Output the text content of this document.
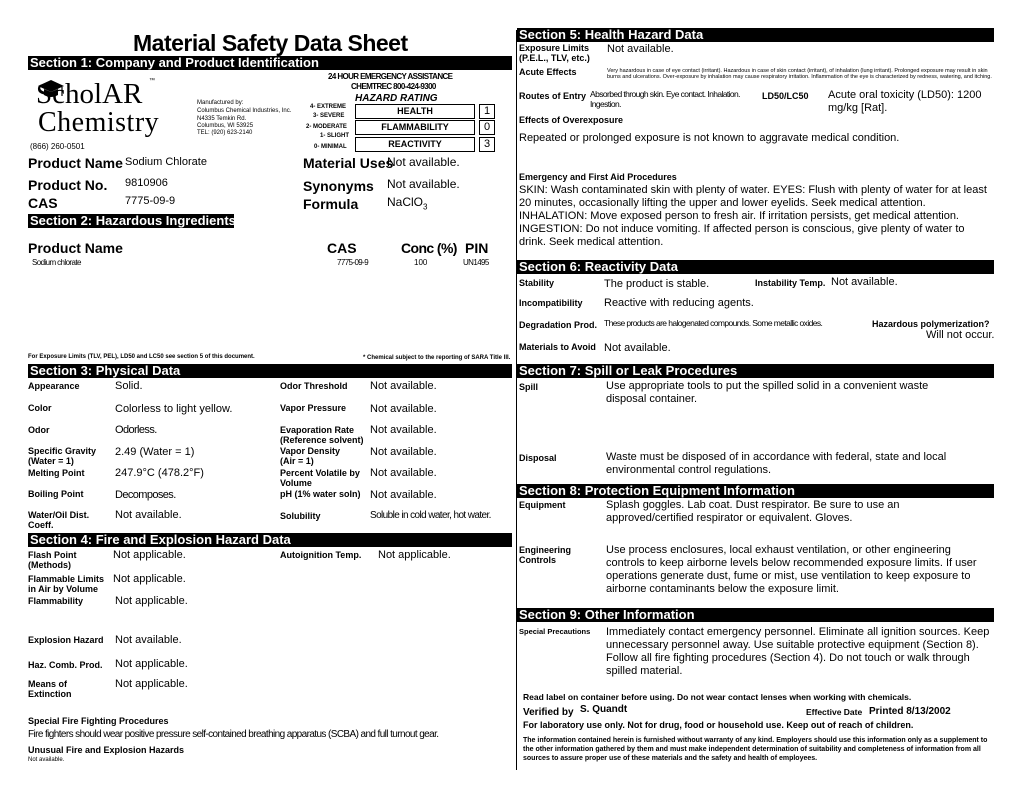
Material Safety Data Sheet
Section 1: Company and Product Identification
ScholAR ™
Chemistry
(866) 260-0501
Manufactured by:
Columbus Chemical Industries, Inc.
N4335 Temkin Rd.
Columbus, WI 53925
TEL: (920) 623-2140
24 HOUR EMERGENCY ASSISTANCE
CHEMTREC 800-424-9300
HAZARD RATING
4- EXTREME
3- SEVERE
2- MODERATE
1- SLIGHT
0- MINIMAL
HEALTH	1
FLAMMABILITY	0
REACTIVITY	3
Product Name Sodium Chlorate	Material Uses
Not available.
Product No. 9810906	Synonyms Not available.
CAS	7775-09-9	Formula NaClO$_3$
Section 2: Hazardous Ingredients
Product Name	CAS	Conc (%) PIN
Sodium chlorate	7775-09-9	100	UN1495
For Exposure Limits (TLV, PEL), LD50 and LC50 see section 5 of this document.	* Chemical subject to the reporting of SARA Title III.
Section 3: Physical Data
Appearance	Solid.
Color	Colorless to light yellow.
Odor	Odorless.
Specific Gravity (Water = 1)
2.49 (Water = 1)
Melting Point	247.9°C (478.2°F)
Boiling Point	Decomposes.
Water/Oil Dist. Coeff.
Not available.
Odor Threshold Not available.
Vapor Pressure Not available.
Evaporation Rate (Reference solvent)
Not available.
Vapor Density (Air = 1)
Not available.
Percent Volatile by Volume
Not available.
pH (1% water soln) Not available.
Solubility	Soluble in cold water, hot water.
Section 4: Fire and Explosion Hazard Data
Flash Point (Methods)
Not applicable.	Autoignition Temp. Not applicable.
Flammable Limits in Air by Volume
Not applicable.
Flammability	Not applicable.
Explosion Hazard Not available.
Haz. Comb. Prod. Not applicable.
Means of Extinction
Not applicable.
Special Fire Fighting Procedures
Fire fighters should wear positive pressure self-contained breathing apparatus (SCBA) and full turnout gear.
Unusual Fire and Explosion Hazards
Not available.
Section 5: Health Hazard Data
Exposure Limits (P.E.L., TLV, etc.)
Not available.
Acute Effects	Very hazardous in case of eye contact (irritant). Hazardous in case of skin contact (irritant), of inhalation (lung irritant). Prolonged exposure may result in skin burns and ulcerations. Over-exposure by inhalation may cause respiratory irritation. Inflammation of the eye is characterized by redness, watering, and itching.
Routes of Entry Absorbed through skin. Eye contact. Inhalation. Ingestion.
LD50/LC50 Acute oral toxicity (LD50): 1200 mg/kg [Rat].
Effects of Overexposure
Repeated or prolonged exposure is not known to aggravate medical condition.
Emergency and First Aid Procedures
SKIN: Wash contaminated skin with plenty of water. EYES: Flush with plenty of water for at least 20 minutes, occasionally lifting the upper and lower eyelids. Seek medical attention. INHALATION: Move exposed person to fresh air. If irritation persists, get medical attention. INGESTION: Do not induce vomiting. If affected person is conscious, give plenty of water to drink. Seek medical attention.
Section 6: Reactivity Data
Stability	The product is stable.	Instability Temp. Not available.
Incompatibility Reactive with reducing agents.
Degradation Prod. These products are halogenated compounds. Some metallic oxides.	Hazardous polymerization?
Will not occur.
Materials to Avoid Not available.
Section 7: Spill or Leak Procedures
Spill	Use appropriate tools to put the spilled solid in a convenient waste disposal container.
Disposal	Waste must be disposed of in accordance with federal, state and local environmental control regulations.
Section 8: Protection Equipment Information
Equipment	Splash goggles. Lab coat. Dust respirator. Be sure to use an approved/certified respirator or equivalent. Gloves.
Engineering Controls
Use process enclosures, local exhaust ventilation, or other engineering controls to keep airborne levels below recommended exposure limits. If user operations generate dust, fume or mist, use ventilation to keep exposure to airborne contaminants below the exposure limit.
Section 9: Other Information
Special Precautions Immediately contact emergency personnel. Eliminate all ignition sources. Keep unnecessary personnel away. Use suitable protective equipment (Section 8). Follow all fire fighting procedures (Section 4). Do not touch or walk through spilled material.
Read label on container before using. Do not wear contact lenses when working with chemicals.
Verified by S. Quandt	Effective Date Printed 8/13/2002
For laboratory use only. Not for drug, food or household use. Keep out of reach of children.
The information contained herein is furnished without warranty of any kind. Employers should use this information only as a supplement to the other information gathered by them and must make independent determination of suitability and completeness of information from all sources to assure proper use of these materials and the safety and health of employees.
